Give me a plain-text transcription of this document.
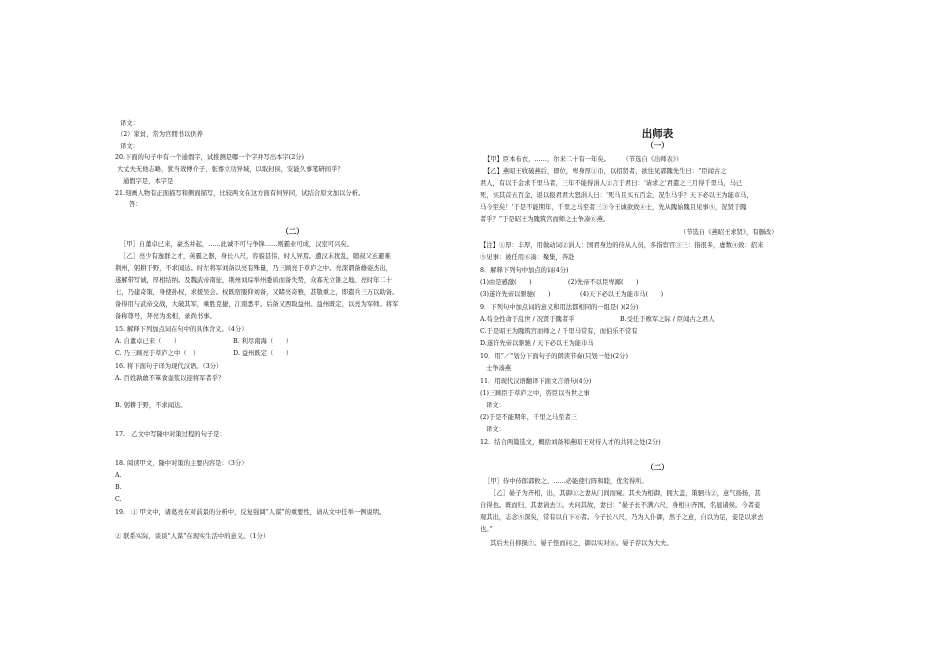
译文：
（2）家贫，常为官佣书以供养
译文：
20.下面的句子中有一个通假字，试推测是哪一个字并写出本字(2分)
大丈夫无他志略，犹当效傅介子、张骞立功异域，以取封侯，安能久事笔研间乎？
通假字是，本字是
21.刻画人物有正面描写和侧面描写，比较两文在这方面有何异同，试结合原文加以分析。
答：
（二）
［甲］自董卓已来，豪杰并起，……此诚不可与争锋……则霸业可成，汉室可兴矣。
［乙］亮少有逸群之才，英霸之器，身长八尺，容貌甚伟，时人异焉。遭汉末扰乱，随叔父玄避难
荆州，躬耕于野，不求闻达。时左将军刘备以亮有殊量，乃三顾亮于草庐之中。亮深谓备雄姿杰出，
遂解带写诚，厚相结纳。及魏武帝南征，荆州刘琮举州委质而备失势，众寡无立锥之地。亮时年二十
七，乃建奇策，身使孙权，求援吴会。权既宿服仰刘备，又睹亮奇雅，甚敬重之，即遣兵三万以助备。
备得用与武帝交战，大破其军，乘胜克捷，江南悉平。后备又西取益州。益州既定，以亮为军师。将军
备称尊号，拜亮为丞相，录尚书事。
15. 解释下列加点词在句中的具体含义。（4分）
A. 自董卓已来（　　）	B. 利尽南海（　　）
C. 乃三顾亮于草庐之中（　）	D. 益州既定（　　）
16. 将下面句子译为现代汉语。（3分）
A. 百姓孰敢不箪食壶浆以迎将军者乎？
B. 躬耕于野，不求闻达。
17.　乙文中写隆中对策过程的句子是：
18. 阅读甲文，隆中对策的主要内容是：（3分）
A.
B.
C.
19.　① 甲文中，诸葛亮在对前景的分析中，反复强调“人谋”的重要性，请从文中任举一例说明。
② 联系实际，谈谈“人谋”在现实生活中的意义。（1分）
出师表
（一）
【甲】臣本布衣，……，尔来二十有一年矣。　　　（节选自《出师表》）
【乙】燕昭王收破燕后，即位，卑身厚①币，以招贤者，欲往见郭隗先生曰：“臣闻古之
君人，有以千金求千里马者，三年不能得涓人②言于君曰：‘请求之’君遣之三月得千里马，马已
死，买其首五百金，返以报君君大怒涓人曰：‘死马且买五百金，况生马乎？天下必以王为能市马，
马今至矣！’于是不能期年，千里之马至者三③今王诚欲致④士，先从隗始隗且见事⑤，况贤于隗
者乎？”于是昭王为隗筑宫而师之士争凑⑥燕。
（节选自《燕昭王求贤》，有删改）
【注】①厚：丰厚，用做动词②涓人：国君身边的侍从人员，多指宦官③三：指很多，虚数④致：招来
⑤见事：被任用⑥凑：聚集，奔赴
8．解释下列句中加点的词(4分)
(1)由是感激(　　)	(2)先帝不以臣卑鄙(　　)
(3)遂许先帝以驱驰(　　)	(4)天下必以王为能市马(　　)
9．下列句中加点词的意义和用法都相同的一组是( )(2分)
A.苟全性命于乱世 / 况贤于隗者乎	B.受任于败军之际 / 臣闻古之君人
C.于是昭王为隗筑宫而师之 / 千里马常有，而伯乐不常有
D.遂许先帝以驱驰 / 天下必以王为能市马
10．用“／”划分下面句子的朗读节奏(只划一处)(2分)
士争凑燕
11．用现代汉语翻译下面文言语句(4分)
(1)三顾臣于草庐之中，咨臣以当世之事
译文：
(2)于是不能期年，千里之马至者三
译文：
12．结合两篇选文，概括刘备和燕昭王对待人才的共同之处(2分)
（二）
［甲］侍中侍郎郭攸之、……必能使行阵和睦，优劣得所。
［乙］晏子为齐相，出，其御①之妻从门间而窥。其夫为相御，拥大盖，策驷马②，意气扬扬，甚
自得也。既而归，其妻请去③。夫问其故，妻曰：“晏子长不满六尺，身相④齐国，名显诸侯。今者妾
观其出，志念⑤深矣，常有以自下⑥者。今子长八尺，乃为人仆御，然子之意，自以为足，妾是以求去
也。”
其后夫自抑损⑦。晏子怪而问之，御以实对⑧。晏子荐以为大夫。
